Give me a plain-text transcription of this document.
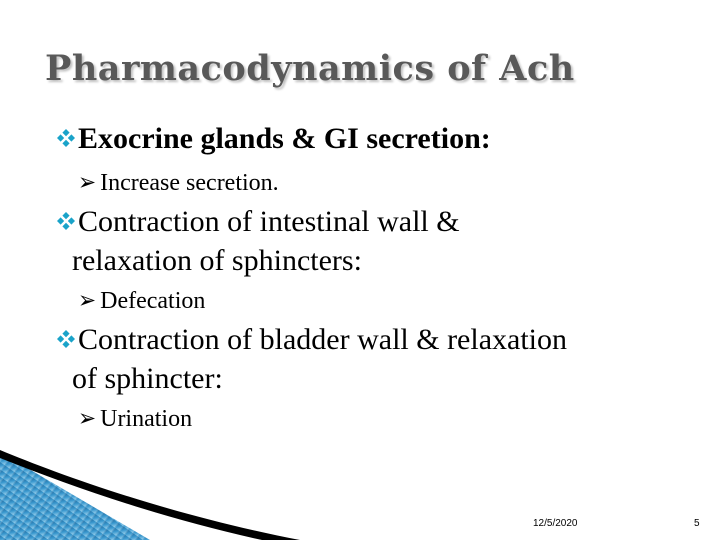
Pharmacodynamics of Ach
Exocrine glands & GI secretion:
➢ Increase secretion.
Contraction of intestinal wall &
relaxation of sphincters:
➢ Defecation
Contraction of bladder wall & relaxation
of sphincter:
➢ Urination
12/5/2020	5
